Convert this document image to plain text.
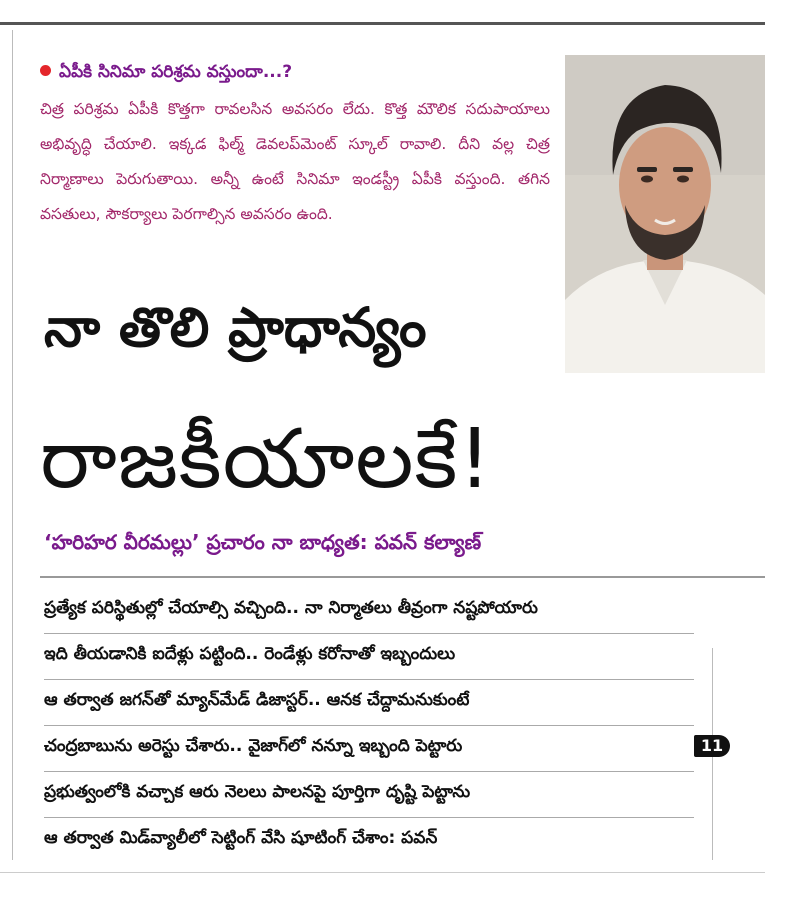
ఏపీకి సినిమా పరిశ్రమ వస్తుందా...?
చిత్ర పరిశ్రమ ఏపీకి కొత్తగా రావలసిన అవసరం లేదు. కొత్త మౌలిక సదుపాయాలు అభివృద్ధి చేయాలి. ఇక్కడ ఫిల్మ్ డెవలప్‌మెంట్ స్కూల్ రావాలి. దీని వల్ల చిత్ర నిర్మాణాలు పెరుగుతాయి. అన్నీ ఉంటే సినిమా ఇండస్ట్రీ ఏపీకి వస్తుంది. తగిన వసతులు, సౌకర్యాలు పెరగాల్సిన అవసరం ఉంది.
నా తొలి ప్రాధాన్యం
రాజకీయాలకే!
‘హరిహర వీరమల్లు’ ప్రచారం నా బాధ్యత: పవన్ కల్యాణ్
ప్రత్యేక పరిస్థితుల్లో చేయాల్సి వచ్చింది.. నా నిర్మాతలు తీవ్రంగా నష్టపోయారు
ఇది తీయడానికి ఐదేళ్లు పట్టింది.. రెండేళ్లు కరోనాతో ఇబ్బందులు
ఆ తర్వాత జగన్‌తో మ్యాన్‌మేడ్ డిజాస్టర్.. ఆనక చేద్దామనుకుంటే
చంద్రబాబును అరెస్టు చేశారు.. వైజాగ్‌లో నన్నూ ఇబ్బంది పెట్టారు
ప్రభుత్వంలోకి వచ్చాక ఆరు నెలలు పాలనపై పూర్తిగా దృష్టి పెట్టాను
ఆ తర్వాత మిడ్‌వ్యాలీలో సెట్టింగ్ వేసి షూటింగ్ చేశాం: పవన్
11
